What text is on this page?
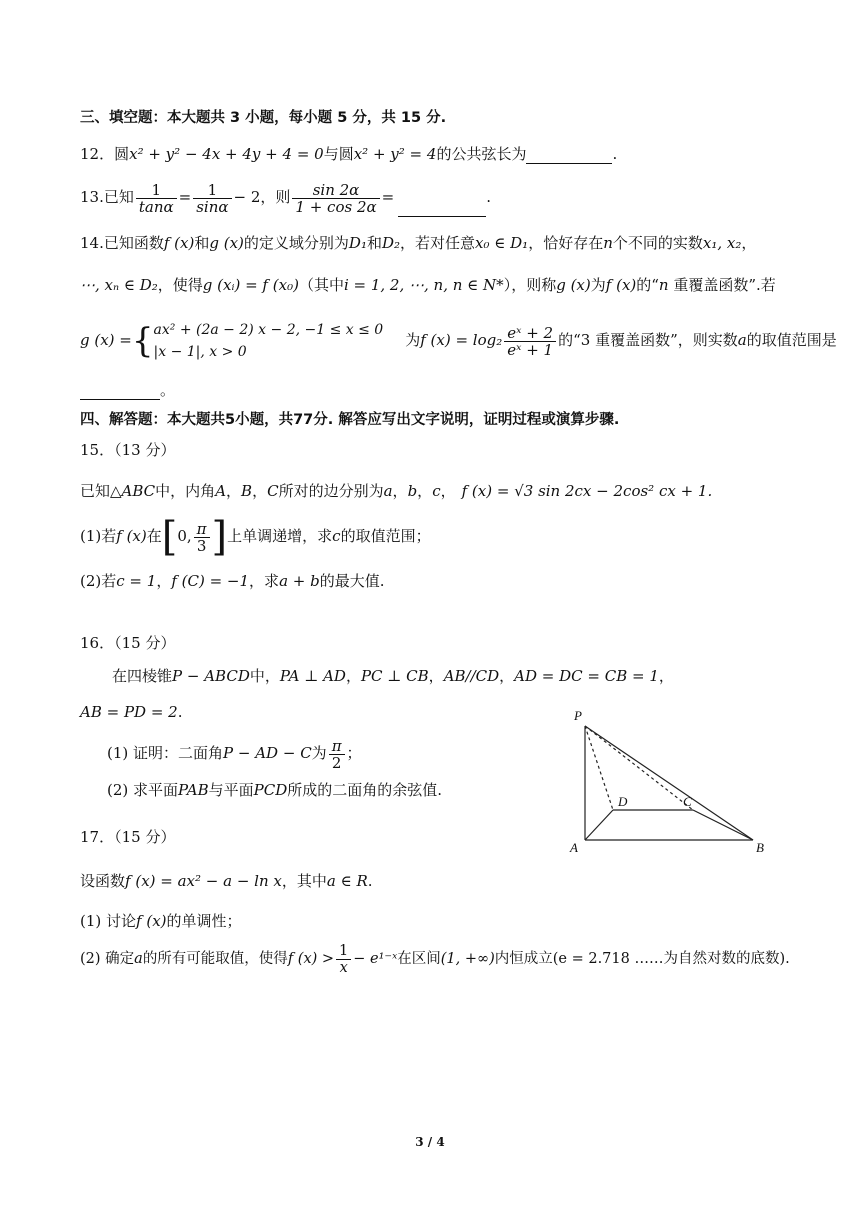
三、填空题：本大题共 3 小题，每小题 5 分，共 15 分.
12．圆x² + y² − 4x + 4y + 4 = 0与圆x² + y² = 4的公共弦长为	.
13.已知 $\frac{1}{\tan\alpha} = \frac{1}{\sin\alpha} - 2$，则 $\frac{\sin 2\alpha}{1 + \cos 2\alpha}$ =	.
14.已知函数f (x)和g (x)的定义域分别为D₁和D₂，若对任意x₀ ∈ D₁，恰好存在n个不同的实数x₁, x₂，
⋯, xₙ ∈ D₂，使得g (xᵢ) = f (x₀)（其中i = 1, 2, ⋯, n, n ∈ N*），则称g (x)为f (x)的“n 重覆盖函数”.若
g (x) ={ ax² + (2a − 2) x − 2, −1 ≤ x ≤ 0
|x − 1|, x > 0
为f $(x) = \log_2 \frac{\text{eˣ + 2}}{\text{eˣ + 1}}$ 的“3 重覆盖函数”，则实数a的取值范围是
。
四、解答题：本大题共5小题，共77分. 解答应写出文字说明，证明过程或演算步骤.
15．（13 分）
已知△ABC中，内角A，B，C所对的边分别为a，b，c， f (x) = √3 sin 2cx − 2cos² cx + 1.
(1)若f (x)在[0, $\frac{\pi}{3}$ ]上单调递增，求c的取值范围；
(2)若c = 1，f (C) = −1，求a + b的最大值.
16．（15 分）
在四棱锥P − ABCD中，PA ⊥ AD，PC ⊥ CB，AB//CD，AD = DC = CB = 1，
AB = PD = 2.
(1) 证明：二面角P − AD − C为 $\frac{\pi}{2}$ ；
(2) 求平面PAB与平面PCD所成的二面角的余弦值.
P
A	B
C
D
17．（15 分）
设函数f (x) = ax² − a − ln x，其中a ∈ R.
(1) 讨论f (x)的单调性；
(2) 确定a的所有可能取值，使得f $(x) > \frac{1}{x}$ − e¹⁻ˣ在区间(1, +∞)内恒成立(e = 2.718 ……为自然对数的底数).
3 / 4
